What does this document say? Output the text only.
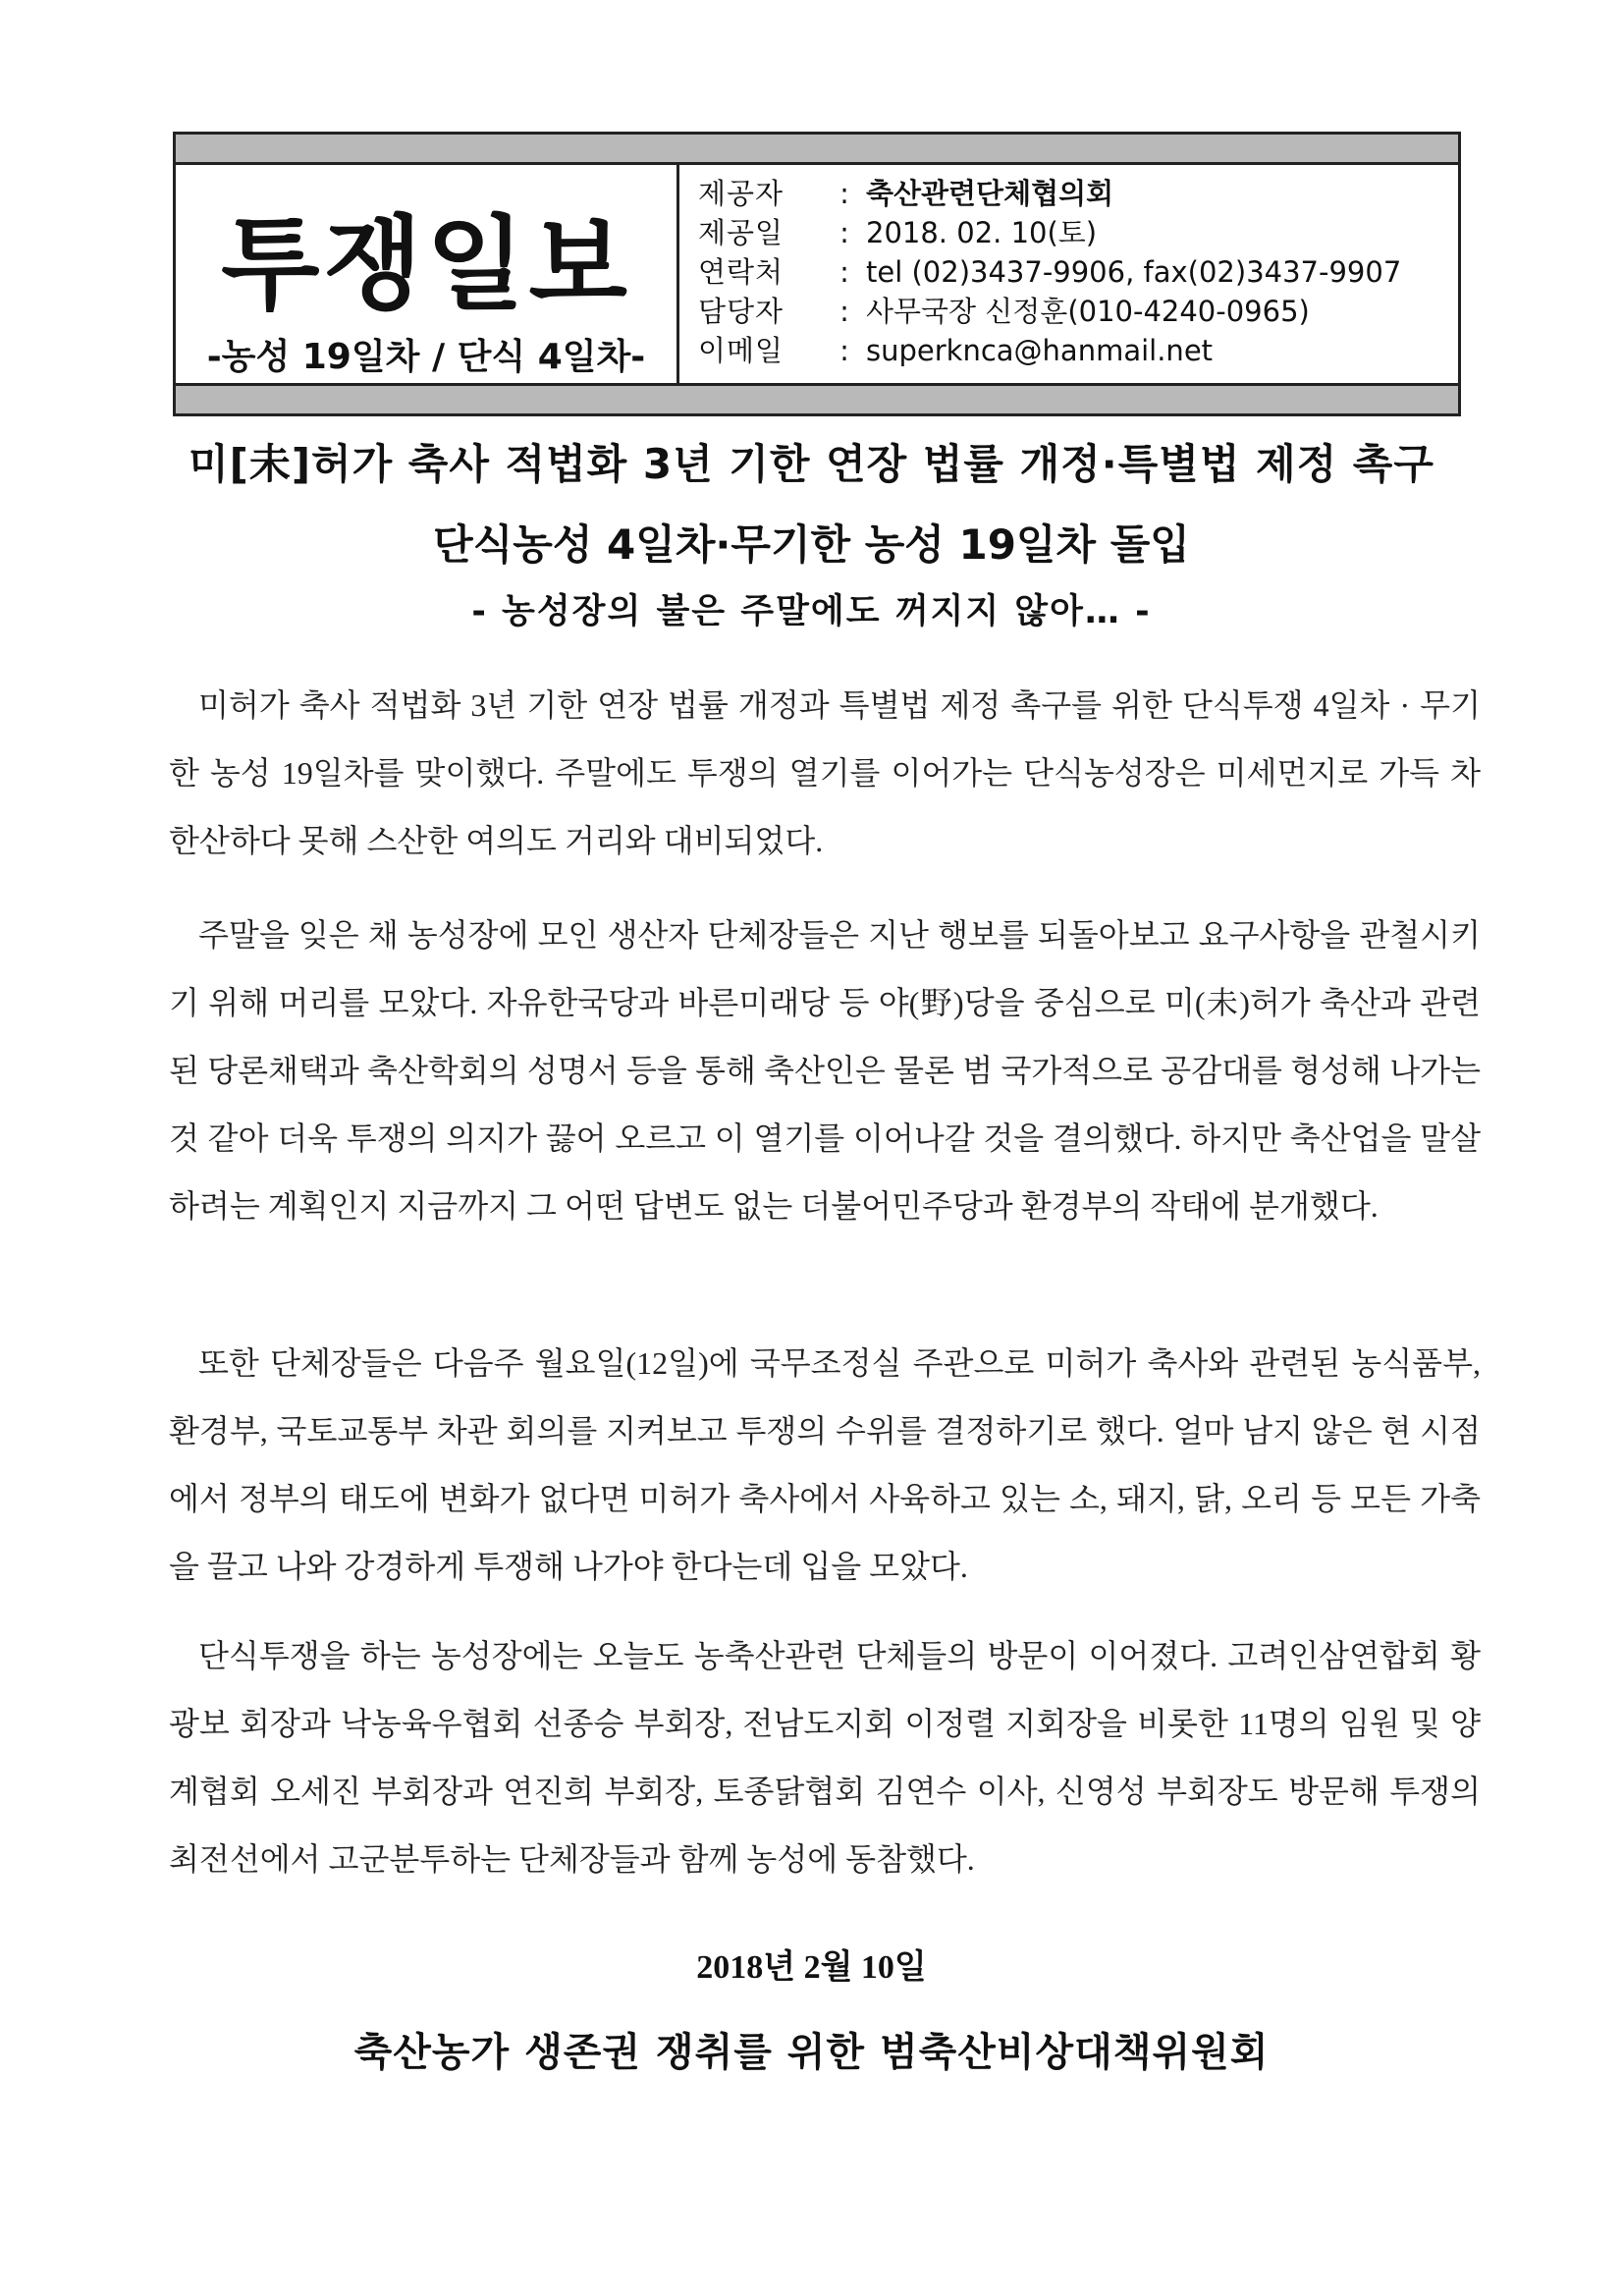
투쟁일보
-농성 19일차 / 단식 4일차-
제공자	: 축산관련단체협의회
제공일	: 2018. 02. 10(토)
연락처	: tel (02)3437-9906, fax(02)3437-9907
담당자	: 사무국장 신정훈(010-4240-0965)
이메일	: superkncа@hanmail.net
미[未]허가 축사 적법화 3년 기한 연장 법률 개정·특별법 제정 촉구
단식농성 4일차·무기한 농성 19일차 돌입
- 농성장의 불은 주말에도 꺼지지 않아… -
미허가 축사 적법화 3년 기한 연장 법률 개정과 특별법 제정 촉구를 위한 단식투쟁 4일차 · 무기한 농성 19일차를 맞이했다. 주말에도 투쟁의 열기를 이어가는 단식농성장은 미세먼지로 가득 차 한산하다 못해 스산한 여의도 거리와 대비되었다.
주말을 잊은 채 농성장에 모인 생산자 단체장들은 지난 행보를 되돌아보고 요구사항을 관철시키기 위해 머리를 모았다. 자유한국당과 바른미래당 등 야(野)당을 중심으로 미(未)허가 축산과 관련된 당론채택과 축산학회의 성명서 등을 통해 축산인은 물론 범 국가적으로 공감대를 형성해 나가는 것 같아 더욱 투쟁의 의지가 끓어 오르고 이 열기를 이어나갈 것을 결의했다. 하지만 축산업을 말살하려는 계획인지 지금까지 그 어떤 답변도 없는 더불어민주당과 환경부의 작태에 분개했다.
또한 단체장들은 다음주 월요일(12일)에 국무조정실 주관으로 미허가 축사와 관련된 농식품부, 환경부, 국토교통부 차관 회의를 지켜보고 투쟁의 수위를 결정하기로 했다. 얼마 남지 않은 현 시점에서 정부의 태도에 변화가 없다면 미허가 축사에서 사육하고 있는 소, 돼지, 닭, 오리 등 모든 가축을 끌고 나와 강경하게 투쟁해 나가야 한다는데 입을 모았다.
단식투쟁을 하는 농성장에는 오늘도 농축산관련 단체들의 방문이 이어졌다. 고려인삼연합회 황광보 회장과 낙농육우협회 선종승 부회장, 전남도지회 이정렬 지회장을 비롯한 11명의 임원 및 양계협회 오세진 부회장과 연진희 부회장, 토종닭협회 김연수 이사, 신영성 부회장도 방문해 투쟁의 최전선에서 고군분투하는 단체장들과 함께 농성에 동참했다.
2018년 2월 10일
축산농가 생존권 쟁취를 위한 범축산비상대책위원회
